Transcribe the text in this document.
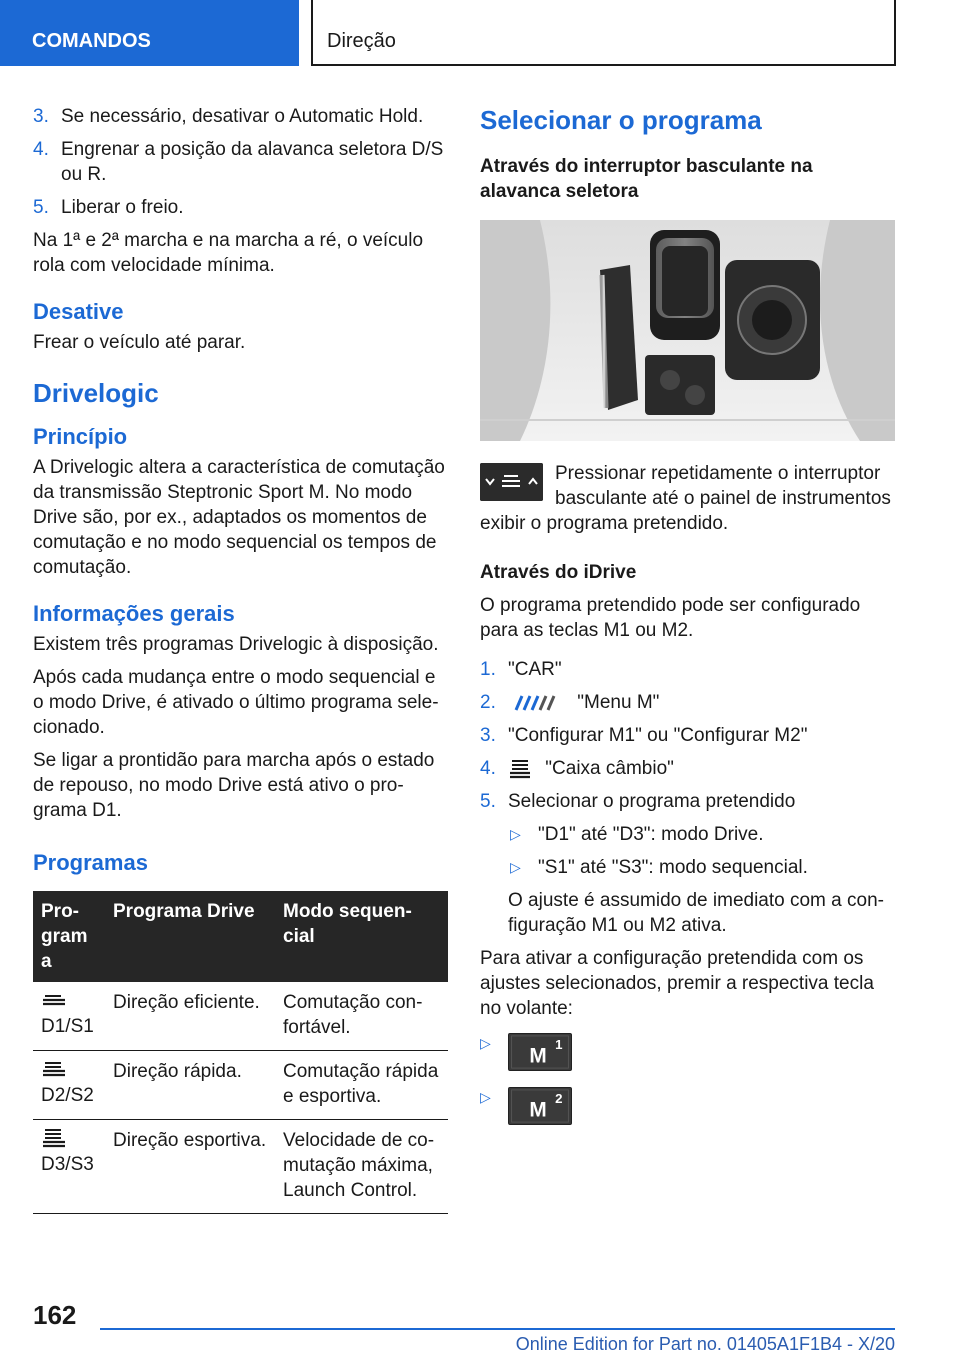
COMANDOS	Direção
3. Se necessário, desativar o Automatic Hold.
4. Engrenar a posição da alavanca seletora D/S ou R.
5. Liberar o freio.
Na 1ª e 2ª marcha e na marcha a ré, o veículo rola com velocidade mínima.
Desative
Frear o veículo até parar.
Drivelogic
Princípio
A Drivelogic altera a característica de comutação da transmissão Steptronic Sport M. No modo Drive são, por ex., adaptados os momentos de comutação e no modo sequencial os tempos de comutação.
Informações gerais
Existem três programas Drivelogic à disposição.
Após cada mudança entre o modo sequencial e o modo Drive, é ativado o último programa sele-cionado.
Se ligar a prontidão para marcha após o estado de repouso, no modo Drive está ativo o pro-grama D1.
Programas
Pro-gram a	Programa Drive	Modo sequen-cial

D1/S1	Direção eficiente.	Comutação con-fortável.

D2/S2	Direção rápida.	Comutação rápida e esportiva.

D3/S3	Direção esportiva.	Velocidade de co-mutação máxima, Launch Control.
Selecionar o programa
Através do interruptor basculante na alavanca seletora
Pressionar repetidamente o interruptor basculante até o painel de instrumentos exibir o programa pretendido.
Através do iDrive
O programa pretendido pode ser configurado para as teclas M1 ou M2.
1. "CAR"
2.	"Menu M"
3. "Configurar M1" ou "Configurar M2"
4.	"Caixa câmbio"
5. Selecionar o programa pretendido
▷ "D1" até "D3": modo Drive.
▷ "S1" até "S3": modo sequencial.
O ajuste é assumido de imediato com a con-figuração M1 ou M2 ativa.
Para ativar a configuração pretendida com os ajustes selecionados, premir a respectiva tecla no volante:
▷
M 1
▷
M 2
162
Online Edition for Part no. 01405A1F1B4 - X/20
